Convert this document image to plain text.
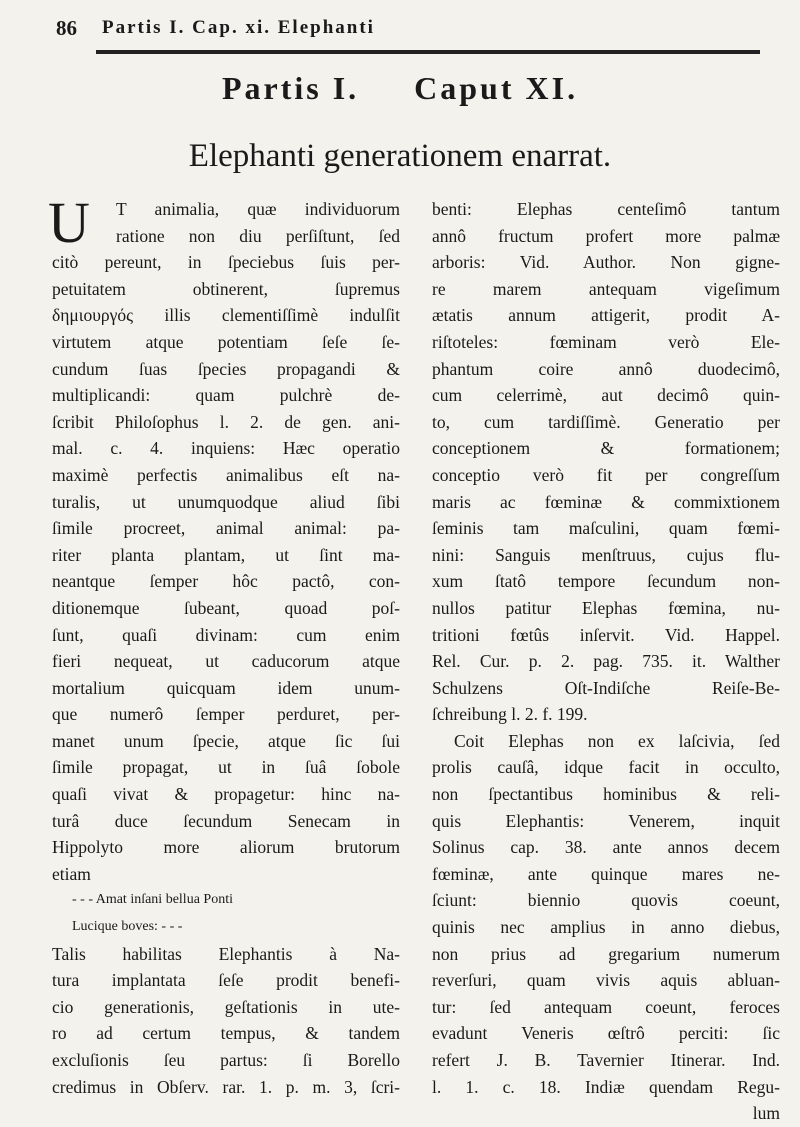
86	Partis I. Cap. xi. Elephanti
Partis I. Caput XI.
Elephanti generationem enarrat.
U	T animalia, quæ individuorum
ratione non diu perſiſtunt, ſed
citò pereunt, in ſpeciebus ſuis per-
petuitatem obtinerent, ſupremus
δημιουργός illis clementiſſimè indulſit
virtutem atque potentiam ſeſe ſe-
cundum ſuas ſpecies propagandi &
multiplicandi: quam pulchrè de-
ſcribit Philoſophus l. 2. de gen. ani-
mal. c. 4. inquiens: Hæc operatio
maximè perfectis animalibus eſt na-
turalis, ut unumquodque aliud ſibi
ſimile procreet, animal animal: pa-
riter planta plantam, ut ſint ma-
neantque ſemper hôc pactô, con-
ditionemque ſubeant, quoad poſ-
ſunt, quaſi divinam: cum enim
fieri nequeat, ut caducorum atque
mortalium quicquam idem unum-
que numerô ſemper perduret, per-
manet unum ſpecie, atque ſic ſui
ſimile propagat, ut in ſuâ ſobole
quaſi vivat & propagetur: hinc na-
turâ duce ſecundum Senecam in
Hippolyto more aliorum brutorum
etiam
- - - Amat inſani bellua Ponti
Lucique boves: - - -
Talis habilitas Elephantis à Na-
tura implantata ſeſe prodit benefi-
cio generationis, geſtationis in ute-
ro ad certum tempus, & tandem
excluſionis ſeu partus: ſi Borello
credimus in Obſerv. rar. 1. p. m. 3, ſcri-
benti: Elephas centeſimô tantum
annô fructum profert more palmæ
arboris: Vid. Author. Non gigne-
re marem antequam vigeſimum
ætatis annum attigerit, prodit A-
riſtoteles: fœminam verò Ele-
phantum coire annô duodecimô,
cum celerrimè, aut decimô quin-
to, cum tardiſſimè. Generatio per
conceptionem & formationem;
conceptio verò fit per congreſſum
maris ac fœminæ & commixtionem
ſeminis tam maſculini, quam fœmi-
nini: Sanguis menſtruus, cujus flu-
xum ſtatô tempore ſecundum non-
nullos patitur Elephas fœmina, nu-
tritioni fœtûs inſervit. Vid. Happel.
Rel. Cur. p. 2. pag. 735. it. Walther
Schulzens Oſt-Indiſche Reiſe-Be-
ſchreibung l. 2. f. 199.
Coit Elephas non ex laſcivia, ſed
prolis cauſâ, idque facit in occulto,
non ſpectantibus hominibus & reli-
quis Elephantis: Venerem, inquit
Solinus cap. 38. ante annos decem
fœminæ, ante quinque mares ne-
ſciunt: biennio quovis coeunt,
quinis nec amplius in anno diebus,
non prius ad gregarium numerum
reverſuri, quam vivis aquis abluan-
tur: ſed antequam coeunt, feroces
evadunt Veneris œſtrô perciti: ſic
refert J. B. Tavernier Itinerar. Ind.
l. 1. c. 18. Indiæ quendam Regu-
lum
